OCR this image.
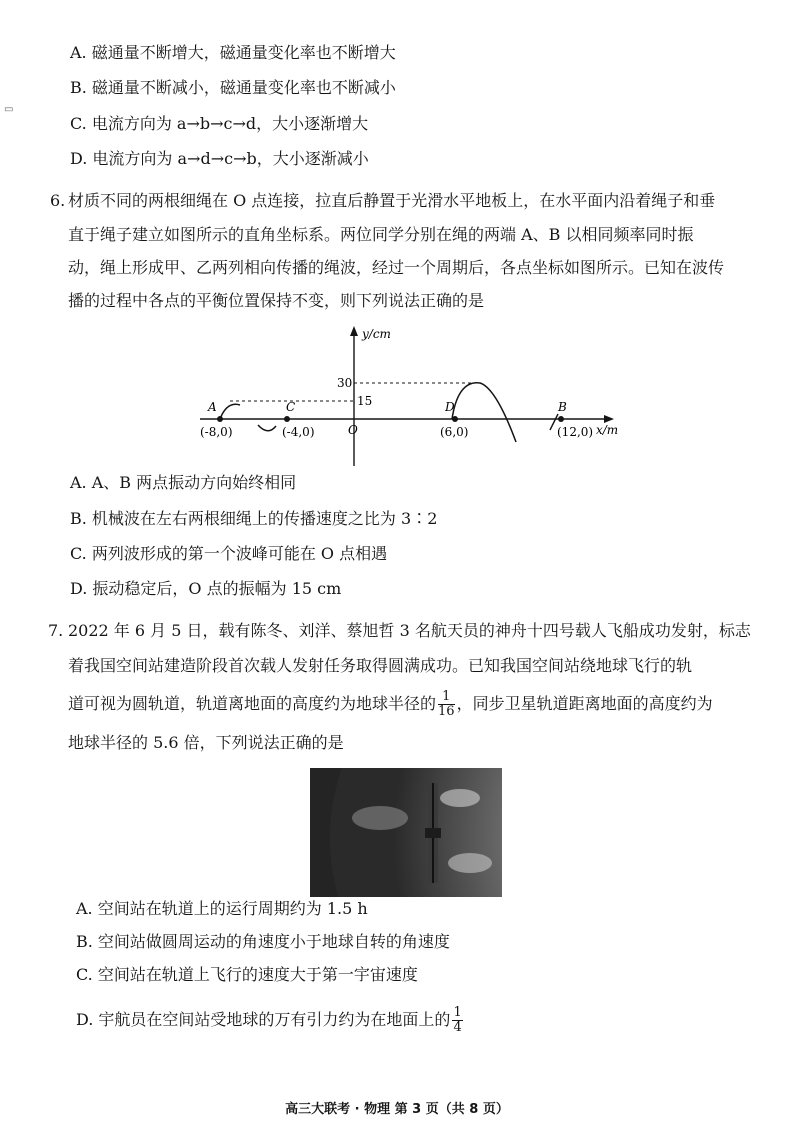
▭
A. 磁通量不断增大，磁通量变化率也不断增大
B. 磁通量不断减小，磁通量变化率也不断减小
C. 电流方向为 a→b→c→d，大小逐渐增大
D. 电流方向为 a→d→c→b，大小逐渐减小
6. 材质不同的两根细绳在 O 点连接，拉直后静置于光滑水平地板上，在水平面内沿着绳子和垂
直于绳子建立如图所示的直角坐标系。两位同学分别在绳的两端 A、B 以相同频率同时振
动，绳上形成甲、乙两列相向传播的绳波，经过一个周期后，各点坐标如图所示。已知在波传
播的过程中各点的平衡位置保持不变，则下列说法正确的是
y/cm
x/m
30
15
O
A	C	D	B
(-8,0)	(-4,0)	(6,0)	(12,0)
A. A、B 两点振动方向始终相同
B. 机械波在左右两根细绳上的传播速度之比为 3∶2
C. 两列波形成的第一个波峰可能在 O 点相遇
D. 振动稳定后，O 点的振幅为 15 cm
7. 2022 年 6 月 5 日，载有陈冬、刘洋、蔡旭哲 3 名航天员的神舟十四号载人飞船成功发射，标志
着我国空间站建造阶段首次载人发射任务取得圆满成功。已知我国空间站绕地球飞行的轨
道可视为圆轨道，轨道离地面的高度约为地球半径的 $\frac{1}{16}$ ，同步卫星轨道距离地面的高度约为
地球半径的 5.6 倍，下列说法正确的是
A. 空间站在轨道上的运行周期约为 1.5 h
B. 空间站做圆周运动的角速度小于地球自转的角速度
C. 空间站在轨道上飞行的速度大于第一宇宙速度
D. 宇航员在空间站受地球的万有引力约为在地面上的 $\frac{1}{4}$
高三大联考 · 物理 第 3 页（共 8 页）
